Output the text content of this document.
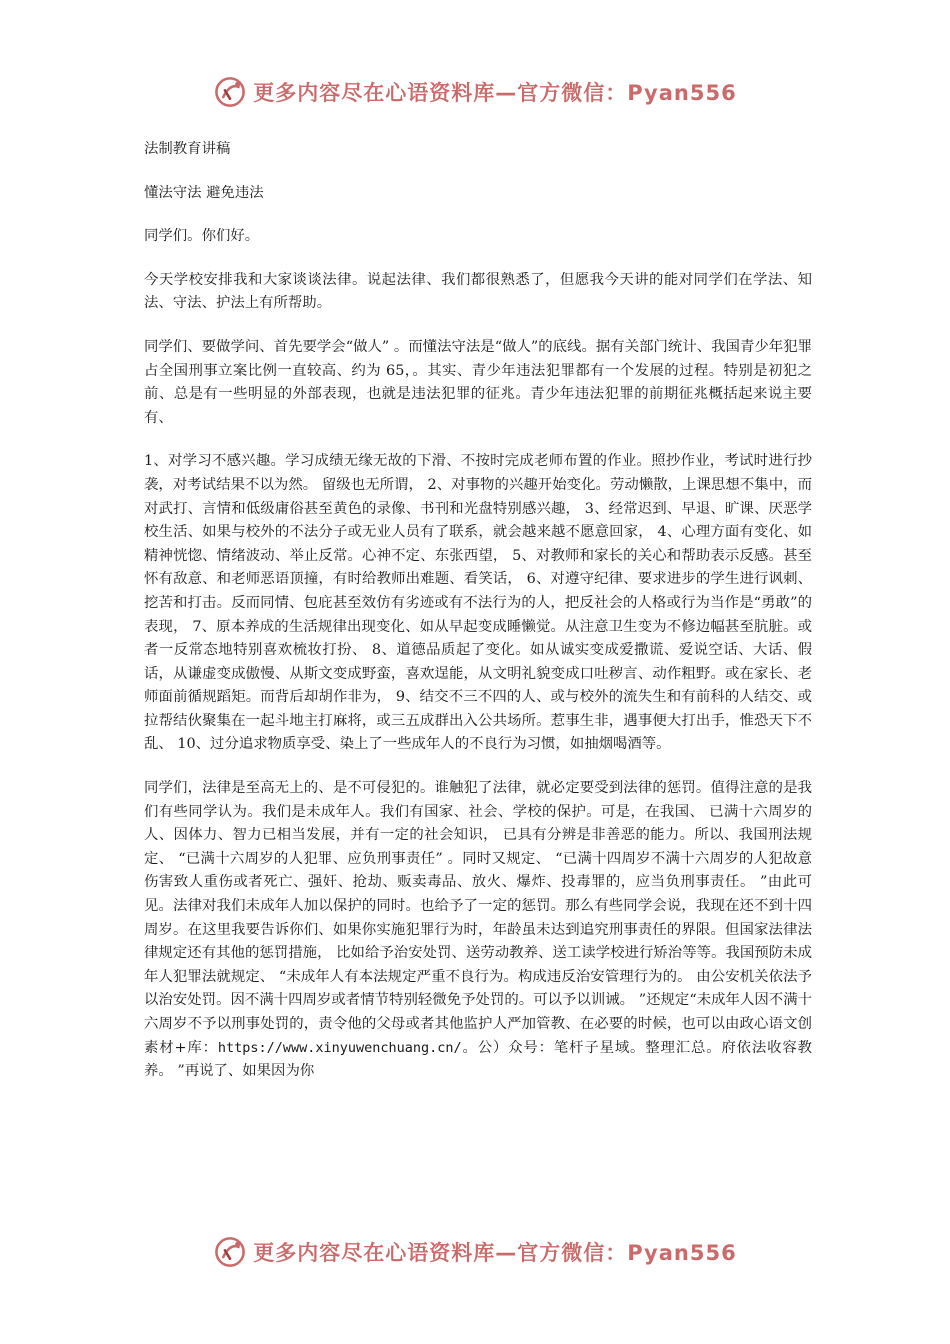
更多内容尽在心语资料库—官方微信：Pyan556

法制教育讲稿

懂法守法 避免违法

同学们。你们好。

今天学校安排我和大家谈谈法律。说起法律、我们都很熟悉了，但愿我今天讲的能对同学们在学法、知法、守法、护法上有所帮助。

同学们、要做学问、首先要学会“做人” 。而懂法守法是“做人”的底线。据有关部门统计、我国青少年犯罪占全国刑事立案比例一直较高、约为 65，。其实、青少年违法犯罪都有一个发展的过程。特别是初犯之前、总是有一些明显的外部表现，也就是违法犯罪的征兆。青少年违法犯罪的前期征兆概括起来说主要有、

1、对学习不感兴趣。学习成绩无缘无故的下滑、不按时完成老师布置的作业。照抄作业，考试时进行抄袭，对考试结果不以为然。 留级也无所谓， 2、对事物的兴趣开始变化。劳动懒散，上课思想不集中，而对武打、言情和低级庸俗甚至黄色的录像、书刊和光盘特别感兴趣， 3、经常迟到、早退、旷课、厌恶学校生活、如果与校外的不法分子或无业人员有了联系，就会越来越不愿意回家， 4、心理方面有变化、如精神恍惚、情绪波动、举止反常。心神不定、东张西望， 5、对教师和家长的关心和帮助表示反感。甚至怀有敌意、和老师恶语顶撞，有时给教师出难题、看笑话， 6、对遵守纪律、要求进步的学生进行讽刺、挖苦和打击。反而同情、包庇甚至效仿有劣迹或有不法行为的人，把反社会的人格或行为当作是“勇敢”的表现， 7、原本养成的生活规律出现变化、如从早起变成睡懒觉。从注意卫生变为不修边幅甚至肮脏。或者一反常态地特别喜欢梳妆打扮、 8、道德品质起了变化。如从诚实变成爱撒谎、爱说空话、大话、假话，从谦虚变成傲慢、从斯文变成野蛮，喜欢逞能，从文明礼貌变成口吐秽言、动作粗野。或在家长、老师面前循规蹈矩。而背后却胡作非为， 9、结交不三不四的人、或与校外的流失生和有前科的人结交、或拉帮结伙聚集在一起斗地主打麻将，或三五成群出入公共场所。惹事生非，遇事便大打出手，惟恐天下不乱、 10、过分追求物质享受、染上了一些成年人的不良行为习惯，如抽烟喝酒等。

同学们，法律是至高无上的、是不可侵犯的。谁触犯了法律，就必定要受到法律的惩罚。值得注意的是我们有些同学认为。我们是未成年人。我们有国家、社会、学校的保护。可是，在我国、 已满十六周岁的人、因体力、智力已相当发展，并有一定的社会知识， 已具有分辨是非善恶的能力。所以、我国刑法规定、 “已满十六周岁的人犯罪、应负刑事责任” 。同时又规定、 “已满十四周岁不满十六周岁的人犯故意伤害致人重伤或者死亡、强奸、抢劫、贩卖毒品、放火、爆炸、投毒罪的，应当负刑事责任。 ”由此可见。法律对我们未成年人加以保护的同时。也给予了一定的惩罚。那么有些同学会说，我现在还不到十四周岁。在这里我要告诉你们、如果你实施犯罪行为时，年龄虽未达到追究刑事责任的界限。但国家法律法律规定还有其他的惩罚措施， 比如给予治安处罚、送劳动教养、送工读学校进行矫治等等。我国预防未成年人犯罪法就规定、 “未成年人有本法规定严重不良行为。构成违反治安管理行为的。 由公安机关依法予以治安处罚。因不满十四周岁或者情节特别轻微免予处罚的。可以予以训诫。 ”还规定“未成年人因不满十六周岁不予以刑事处罚的，责令他的父母或者其他监护人严加管教、在必要的时候，也可以由政心语文创素材+库：https://www.xinyuwenchuang.cn/。公）众号：笔杆子星域。整理汇总。府依法收容教养。 ”再说了、如果因为你

更多内容尽在心语资料库—官方微信：Pyan556
